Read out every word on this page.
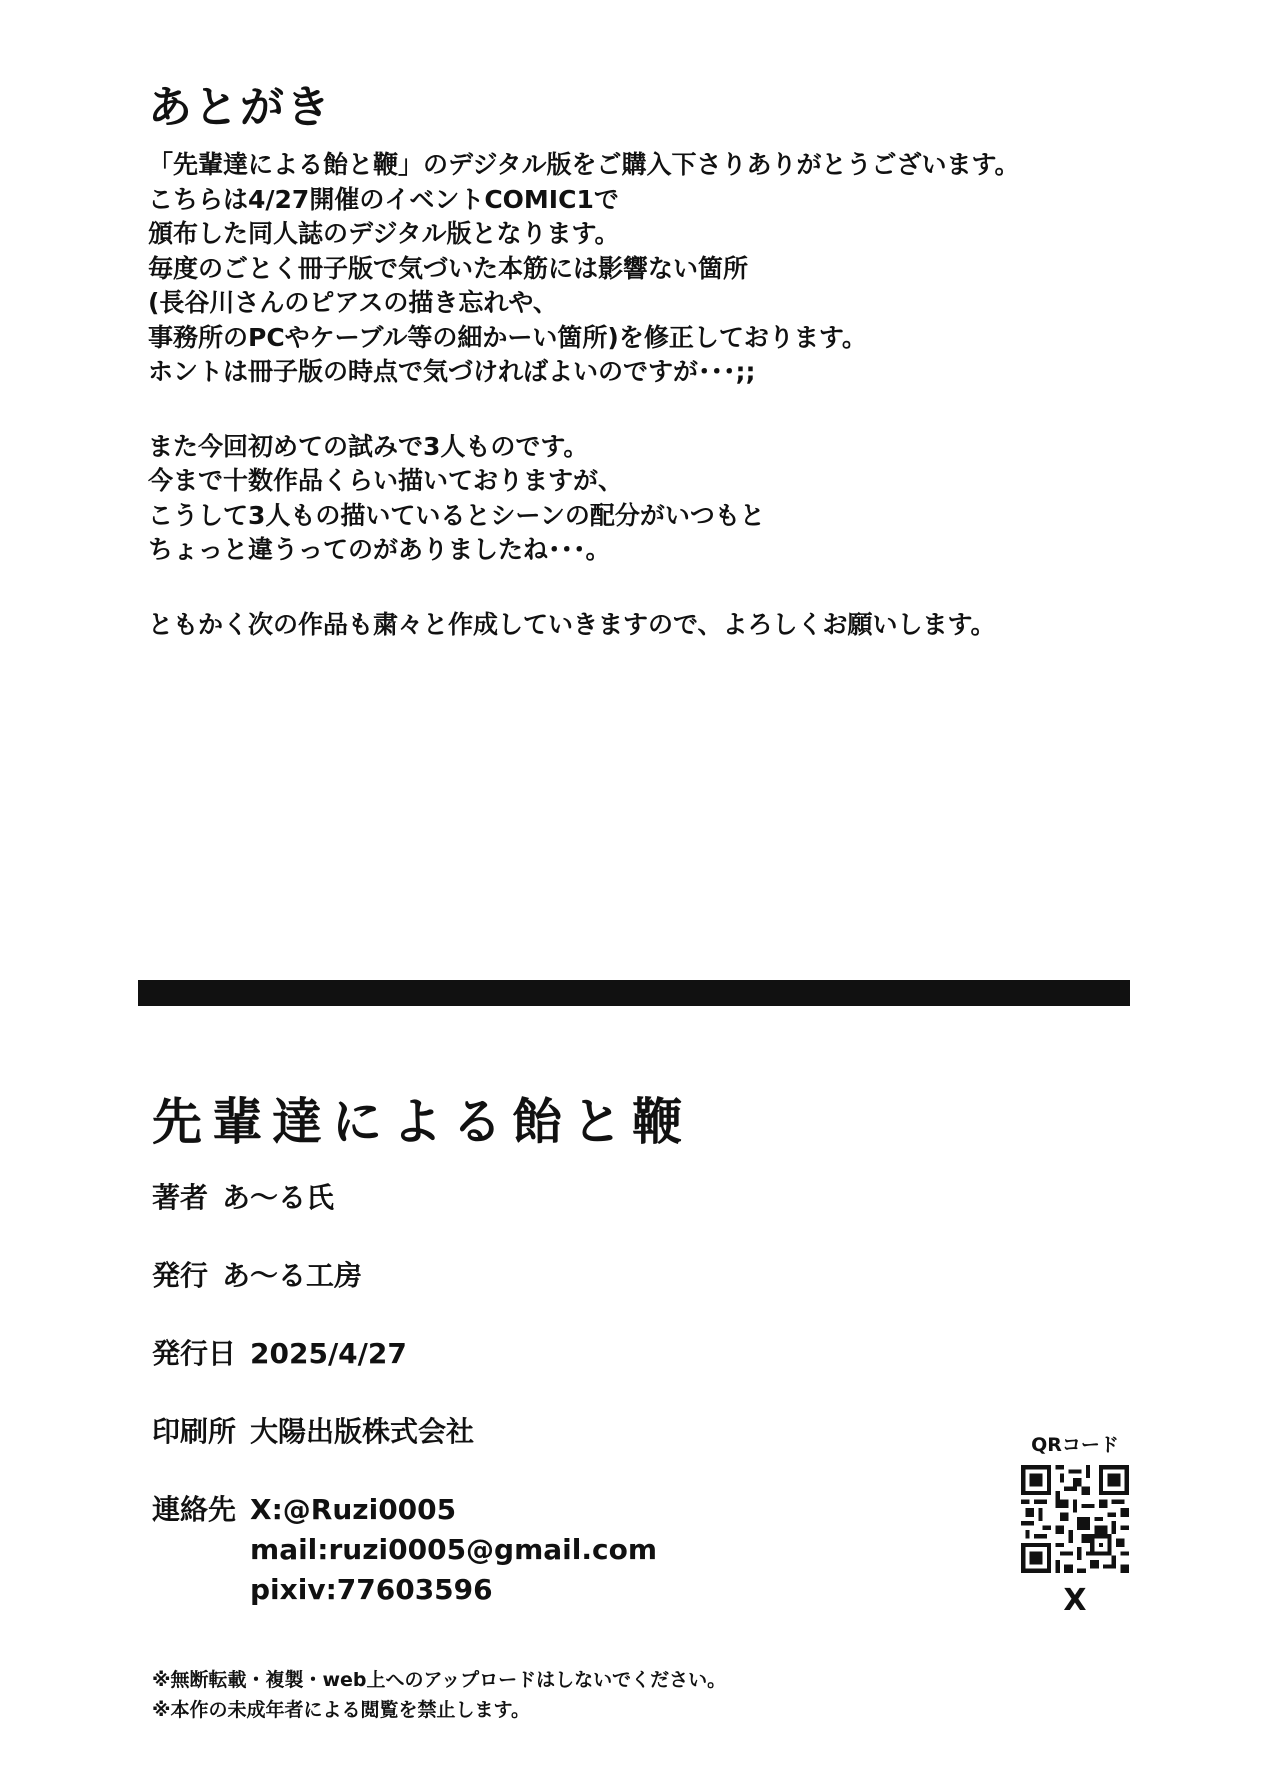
あとがき
「先輩達による飴と鞭」のデジタル版をご購入下さりありがとうございます。
こちらは4/27開催のイベントCOMIC1で
頒布した同人誌のデジタル版となります。
毎度のごとく冊子版で気づいた本筋には影響ない箇所
(長谷川さんのピアスの描き忘れや、
事務所のPCやケーブル等の細かーい箇所)を修正しております。
ホントは冊子版の時点で気づければよいのですが･･･;;
また今回初めての試みで3人ものです。
今まで十数作品くらい描いておりますが、
こうして3人もの描いているとシーンの配分がいつもと
ちょっと違うってのがありましたね･･･。
ともかく次の作品も粛々と作成していきますので、よろしくお願いします。
先輩達による飴と鞭
著者 あ～る氏
発行 あ～る工房
発行日 2025/4/27
印刷所 大陽出版株式会社
連絡先 X:@Ruzi0005
mail:ruzi0005@gmail.com
pixiv:77603596
QRコード
X
※無断転載・複製・web上へのアップロードはしないでください。
※本作の未成年者による閲覧を禁止します。
